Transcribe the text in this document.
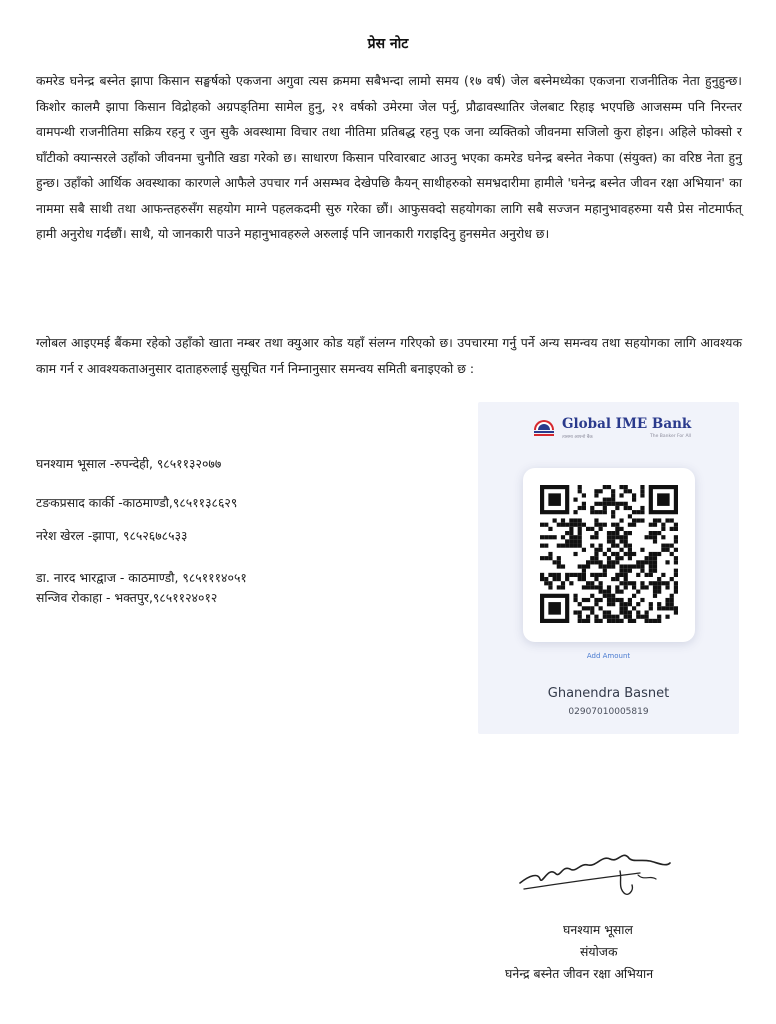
प्रेस नोट
कमरेड घनेन्द्र बस्नेत झापा किसान सङ्घर्षको एकजना अगुवा त्यस क्रममा सबैभन्दा लामो समय (१७ वर्ष) जेल बस्नेमध्येका एकजना राजनीतिक नेता हुनुहुन्छ। किशोर कालमै झापा किसान विद्रोहको अग्रपङ्तिमा सामेल हुनु, २१ वर्षको उमेरमा जेल पर्नु, प्रौढावस्थातिर जेलबाट रिहाइ भएपछि आजसम्म पनि निरन्तर वामपन्थी राजनीतिमा सक्रिय रहनु र जुन सुकै अवस्थामा विचार तथा नीतिमा प्रतिबद्ध रहनु एक जना व्यक्तिको जीवनमा सजिलो कुरा होइन। अहिले फोक्सो र घाँटीको क्यान्सरले उहाँको जीवनमा चुनौति खडा गरेको छ। साधारण किसान परिवारबाट आउनु भएका कमरेड घनेन्द्र बस्नेत नेकपा (संयुक्त) का वरिष्ठ नेता हुनु हुन्छ। उहाँको आर्थिक अवस्थाका कारणले आफैले उपचार गर्न असम्भव देखेपछि कैयन् साथीहरुको समभ्रदारीमा हामीले 'घनेन्द्र बस्नेत जीवन रक्षा अभियान' का नाममा सबै साथी तथा आफन्तहरुसँग सहयोग माग्ने पहलकदमी सुरु गरेका छौं। आफुसक्दो सहयोगका लागि सबै सज्जन महानुभावहरुमा यसै प्रेस नोटमार्फत् हामी अनुरोध गर्दछौं। साथै, यो जानकारी पाउने महानुभावहरुले अरुलाई पनि जानकारी गराइदिनु हुनसमेत अनुरोध छ।
ग्लोबल आइएमई बैंकमा रहेको उहाँको खाता नम्बर तथा क्युआर कोड यहाँ संलग्न गरिएको छ। उपचारमा गर्नु पर्ने अन्य समन्वय तथा सहयोगका लागि आवश्यक काम गर्न र आवश्यकताअनुसार दाताहरुलाई सुसूचित गर्न निम्नानुसार समन्वय समिती बनाइएको छ :
घनश्याम भूसाल -रुपन्देही, ९८५११३२०७७
टङकप्रसाद कार्की -काठमाण्डौ,९८५११३८६२९
नरेश खेरल -झापा, ९८५२६७८५३३
डा. नारद भारद्वाज - काठमाण्डौ, ९८५१११४०५१
सन्जिव रोकाहा - भक्तपुर,९८५११२४०१२
Global IME Bank
त्यसमा आफ्नो बैंक	The Banker For All
Add Amount
Ghanendra Basnet
02907010005819
घनश्याम भूसाल
संयोजक
घनेन्द्र बस्नेत जीवन रक्षा अभियान
